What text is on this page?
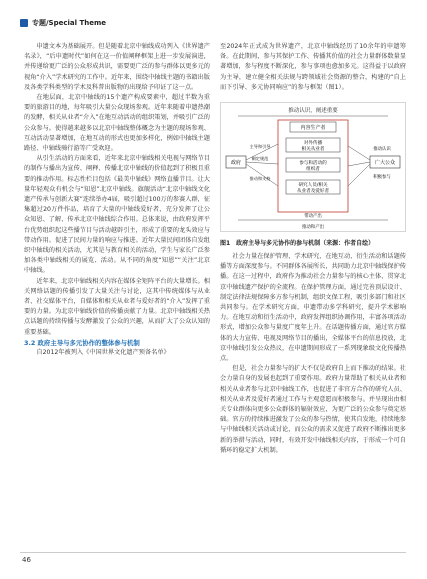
专题/Special Theme

申遗文本为基础展开。但是随着北京中轴线成功列入《世界遗产名录》，“后申遗时代”如何在这一价值阐释框架上进一步发展演进，并传递给更广泛的公众形成共识，需要更广泛的参与群体以更多元的视角“介入”学术研究的工作中。近年来，围绕中轴线主题的书籍出版及各类学科类型的学术及科普出版物的出现给予印证了这一点。

在地层面，北京中轴线的15个遗产构成要素中，超过半数为重要的旅游目的地，每年吸引大量公众现场参观。近年来随着申遗热潮的发酵，相关从业者“介入”在地互动活动的组织策划，并吸引广泛的公众参与。使得越来越多以北京中轴线整体概念为主题的现场参观、互动活动显著增加，在地互动的形式也更加多样化，例如中轴线主题路径、中轴线骑行游等广受欢迎。

从引生活动的方面来看，近年来北京中轴线相关电视与网络节目的制作与播出为宣传、阐释、传播北京中轴线的价值起到了积极且重要的推动作用。标志性栏目包括《最美中轴线》网络直播节目。让大量年轻观众有机会与“知恩”北京中轴线。旗舰活动“北京中轴线文化遗产传承与创新大赛”连续举办4届，吸引超过100万的参赛人群，征集超过20万件作品，培育了大量的中轴线爱好者，充分发挥了让公众知恩、了解、传承北京中轴线综合作用。总体来说，由政府发挥平台优势组织起这些播节目与活动越辟引主，形成了重要的龙头效应与带动作用。促进了民间力量的响应与推进。近年大量民间团体自发组织中轴线的相关活动，尤其是与教育相关的活动，学生与家长广泛参加各类中轴线相关的展览、活动。从不同的角度“知恩”“关注”北京中轴线。

近年来，北京中轴线相关内容在媒体全矩阵平台的大量增长。相关网络话题的传播引发了大量关注与讨论，这其中传统媒体与从业者、社交媒体平台，自媒体和相关从业者与爱好者的“介入”发挥了重要的力量。为北京中轴线价值的传播贡献了力量。北京中轴线相关热点话题的持续传播与发酵激发了公众的兴趣，从而扩大了公众认知的重要基础。

3.2 政府主导与多元协作的整体参与机制

自2012年被列入《中国世界文化遗产预备名单》

至2024年正式成为世界遗产，北京中轴线经历了10余年的申遗筹备。在此期间，参与其保护工作、传播其价值的社会力量群体数量显著增加，参与程度不断深化，参与事项也愈加多元。这得益于以政府为主导，建立健全相关法规与跨领域社会资源的整合，构建的“自上而下引导、多元协同响应”的参与框架（图1）。

推动认识，阐述重要
内容生产者
对外传播
相关从业者
参与和活动的
组织者
研究人员/相关
从业者及爱好者
政府	广大公众
主导和引导
制定规范
推动和支持
推动认识
积极参与
带动产出
推动和产出
图1　政府主导与多元协作的参与机制（来源：作者自绘）

社会力量在保护管理、学术研究、在地互动、衍生活动和话题传播等方面深度参与。不同群体各展所长，共同助力北京中轴线保护传播。在这一过程中，政府作为推动社会力量参与的核心主体，贯穿北京中轴线遗产保护的全流程。在保护管理方面，通过完善顶层设计、制定法律法规保障多方参与机制，组织文保工程，吸引多部门和社区共同参与。在学术研究方面，申遗带动多学科研究，提升学术影响力。在地互动和衍生活动中，政府发挥组织协调作用，丰富各项活动形式，增加公众参与量度广度年上升。在话题传播方面，通过官方媒体的大力宣传、电视及网络节目的播出，全媒体平台的信息投放，北京中轴线引发公众热议，在申遗期间形成了一系列现象级文化传播热点。

但是，社会力量参与的扩大不仅是政府自上而下推动的结果。社会力量自身的发展也起到了重要作用。政府力量帮助了相关从业者和相关从业者参与北京中轴线工作，也促进了非官方合作的研究人员、相关从业者及爱好者通过工作与主观意愿而积极参与。并呈现出由相关专业群体向更多公众群体的辐射效应，为更广泛的公众参与奠定基础。官方的持续推进激发了公众的参与热情，使其自发地，持续地参与中轴线相关活动或讨论，而公众的需求又促进了政府不断推出更多新的举措与活动，同时，有效开发中轴线相关内容，于形成一个可自循环的稳定扩大机制。

46
